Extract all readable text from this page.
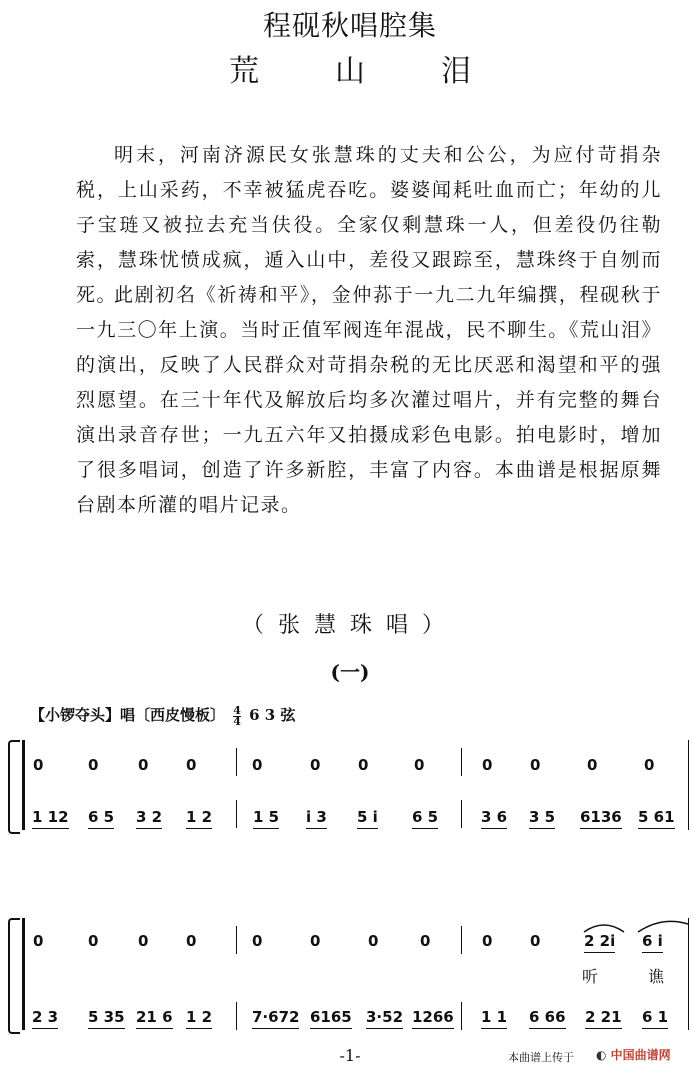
程砚秋唱腔集
荒	山	泪
明末，河南济源民女张慧珠的丈夫和公公，为应付苛捐杂税，上山采药，不幸被猛虎吞吃。婆婆闻耗吐血而亡；年幼的儿子宝琏又被拉去充当伕役。全家仅剩慧珠一人，但差役仍往勒索，慧珠忧愤成疯，遁入山中，差役又跟踪至，慧珠终于自刎而死。
此剧初名《祈祷和平》，金仲荪于一九二九年编撰，程砚秋于一九三〇年上演。当时正值军阀连年混战，民不聊生。《荒山泪》的演出，反映了人民群众对苛捐杂税的无比厌恶和渴望和平的强烈愿望。在三十年代及解放后均多次灌过唱片，并有完整的舞台演出录音存世；一九五六年又拍摄成彩色电影。拍电影时，增加了很多唱词，创造了许多新腔，丰富了内容。本曲谱是根据原舞台剧本所灌的唱片记录。
（张慧珠唱）
(一)
【小锣夺头】唱〔西皮慢板〕 $\frac{4}{4} 6$ 3 弦
0	0	0	0	0	0	0	0	0	0	0	0
1 12 6 5 3 2 1 2	1 5 i 3 5 i 6 5	3 6 3 5 6136 5 61
0	0	0	0	0	0	0	0	0	0	2 2i 6 i
听	谯
2 3 5 35 21 6 1 2	7·672 6165 3·52 1266 1 1 6 66 2 21 6 1
-1-	本曲谱上传于 ◐ 中国曲谱网
